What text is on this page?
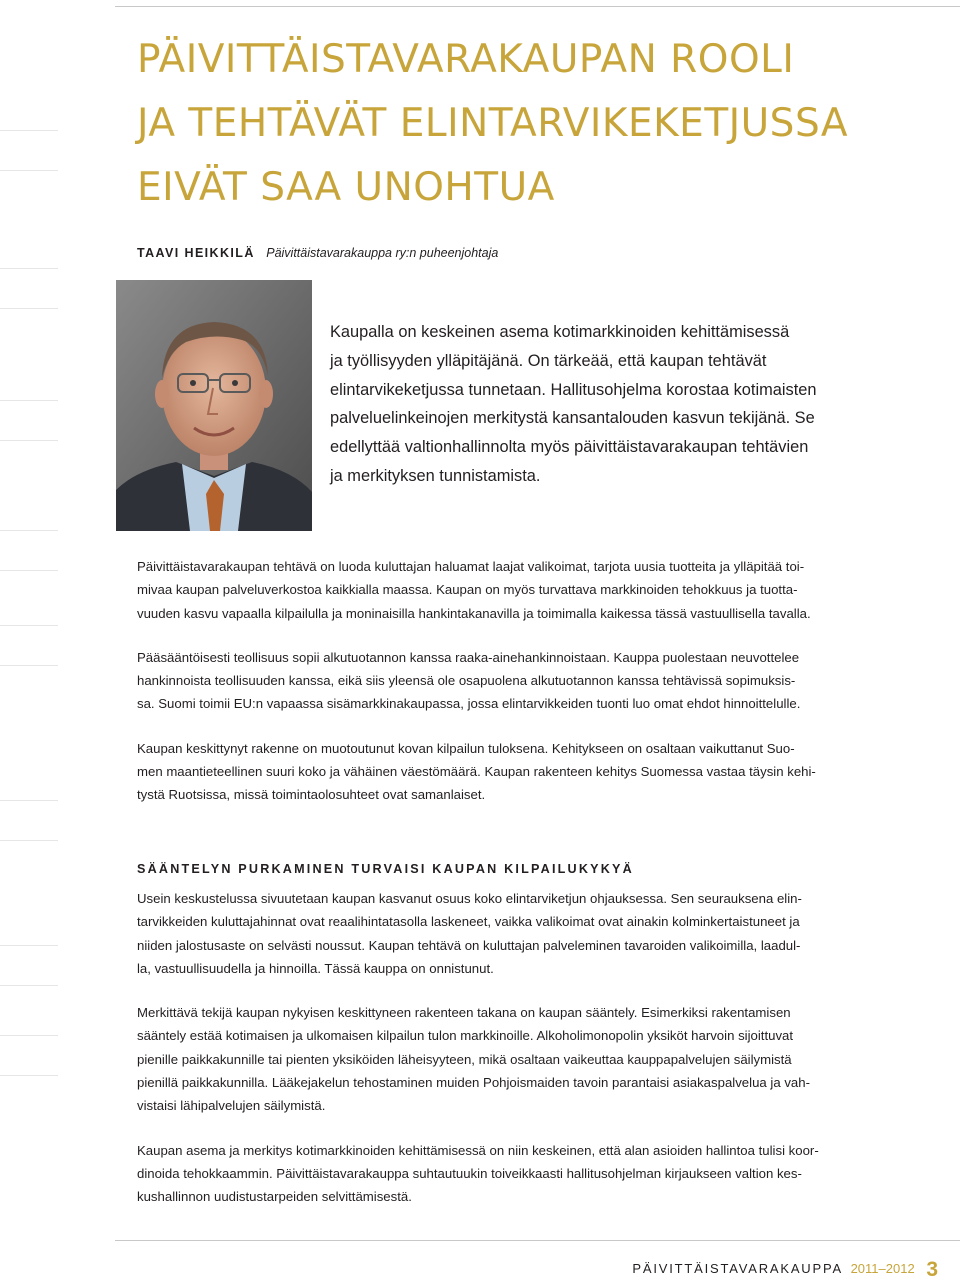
PÄIVITTÄISTAVARAKAUPAN ROOLI
JA TEHTÄVÄT ELINTARVIKEKETJUSSA
EIVÄT SAA UNOHTUA
TAAVI HEIKKILÄ Päivittäistavarakauppa ry:n puheenjohtaja

Kaupalla on keskeinen asema kotimarkkinoiden kehittämisessä
ja työllisyyden ylläpitäjänä. On tärkeää, että kaupan tehtävät
elintarvikeketjussa tunnetaan. Hallitusohjelma korostaa kotimaisten
palveluelinkeinojen merkitystä kansantalouden kasvun tekijänä. Se
edellyttää valtionhallinnolta myös päivittäistavarakaupan tehtävien
ja merkityksen tunnistamista.

Päivittäistavarakaupan tehtävä on luoda kuluttajan haluamat laajat valikoimat, tarjota uusia tuotteita ja ylläpitää toi-
mivaa kaupan palveluverkostoa kaikkialla maassa. Kaupan on myös turvattava markkinoiden tehokkuus ja tuotta-
vuuden kasvu vapaalla kilpailulla ja moninaisilla hankintakanavilla ja toimimalla kaikessa tässä vastuullisella tavalla.

Pääsääntöisesti teollisuus sopii alkutuotannon kanssa raaka-ainehankinnoistaan. Kauppa puolestaan neuvottelee
hankinnoista teollisuuden kanssa, eikä siis yleensä ole osapuolena alkutuotannon kanssa tehtävissä sopimuksis-
sa. Suomi toimii EU:n vapaassa sisämarkkinakaupassa, jossa elintarvikkeiden tuonti luo omat ehdot hinnoittelulle.

Kaupan keskittynyt rakenne on muotoutunut kovan kilpailun tuloksena. Kehitykseen on osaltaan vaikuttanut Suo-
men maantieteellinen suuri koko ja vähäinen väestömäärä. Kaupan rakenteen kehitys Suomessa vastaa täysin kehi-
tystä Ruotsissa, missä toimintaolosuhteet ovat samanlaiset.

SÄÄNTELYN PURKAMINEN TURVAISI KAUPAN KILPAILUKYKYÄ

Usein keskustelussa sivuutetaan kaupan kasvanut osuus koko elintarviketjun ohjauksessa. Sen seurauksena elin-
tarvikkeiden kuluttajahinnat ovat reaalihintatasolla laskeneet, vaikka valikoimat ovat ainakin kolminkertaistuneet ja
niiden jalostusaste on selvästi noussut. Kaupan tehtävä on kuluttajan palveleminen tavaroiden valikoimilla, laadul-
la, vastuullisuudella ja hinnoilla. Tässä kauppa on onnistunut.

Merkittävä tekijä kaupan nykyisen keskittyneen rakenteen takana on kaupan sääntely. Esimerkiksi rakentamisen
sääntely estää kotimaisen ja ulkomaisen kilpailun tulon markkinoille. Alkoholimonopolin yksiköt harvoin sijoittuvat
pienille paikkakunnille tai pienten yksiköiden läheisyyteen, mikä osaltaan vaikeuttaa kauppapalvelujen säilymistä
pienillä paikkakunnilla. Lääkejakelun tehostaminen muiden Pohjoismaiden tavoin parantaisi asiakaspalvelua ja vah-
vistaisi lähipalvelujen säilymistä.

Kaupan asema ja merkitys kotimarkkinoiden kehittämisessä on niin keskeinen, että alan asioiden hallintoa tulisi koor-
dinoida tehokkaammin. Päivittäistavarakauppa suhtautuukin toiveikkaasti hallitusohjelman kirjaukseen valtion kes-
kushallinnon uudistustarpeiden selvittämisestä.

PÄIVITTÄISTAVARAKAUPPA 2011–2012 3
